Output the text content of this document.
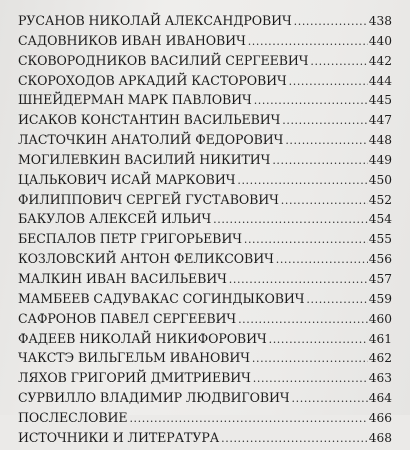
РУСАНОВ НИКОЛАЙ АЛЕКСАНДРОВИЧ .....	438
САДОВНИКОВ ИВАН ИВАНОВИЧ .....	440
СКОВОРОДНИКОВ ВАСИЛИЙ СЕРГЕЕВИЧ .....	442
СКОРОХОДОВ АРКАДИЙ КАСТОРОВИЧ .....	444
ШНЕЙДЕРМАН МАРК ПАВЛОВИЧ .....	445
ИСАКОВ КОНСТАНТИН ВАСИЛЬЕВИЧ .....	447
ЛАСТОЧКИН АНАТОЛИЙ ФЕДОРОВИЧ .....	448
МОГИЛЕВКИН ВАСИЛИЙ НИКИТИЧ .....	449
ЦАЛЬКОВИЧ ИСАЙ МАРКОВИЧ .....	450
ФИЛИППОВИЧ СЕРГЕЙ ГУСТАВОВИЧ .....	452
БАКУЛОВ АЛЕКСЕЙ ИЛЬИЧ .....	454
БЕСПАЛОВ ПЕТР ГРИГОРЬЕВИЧ .....	455
КОЗЛОВСКИЙ АНТОН ФЕЛИКСОВИЧ .....	456
МАЛКИН ИВАН ВАСИЛЬЕВИЧ .....	457
МАМБЕЕВ САДУВАКАС СОГИНДЫКОВИЧ .....	459
САФРОНОВ ПАВЕЛ СЕРГЕЕВИЧ .....	460
ФАДЕЕВ НИКОЛАЙ НИКИФОРОВИЧ .....	461
ЧАКСТЭ ВИЛЬГЕЛЬМ ИВАНОВИЧ .....	462
ЛЯХОВ ГРИГОРИЙ ДМИТРИЕВИЧ .....	463
СУРВИЛЛО ВЛАДИМИР ЛЮДВИГОВИЧ .....	464
ПОСЛЕСЛОВИЕ .....	466
ИСТОЧНИКИ И ЛИТЕРАТУРА .....	468
